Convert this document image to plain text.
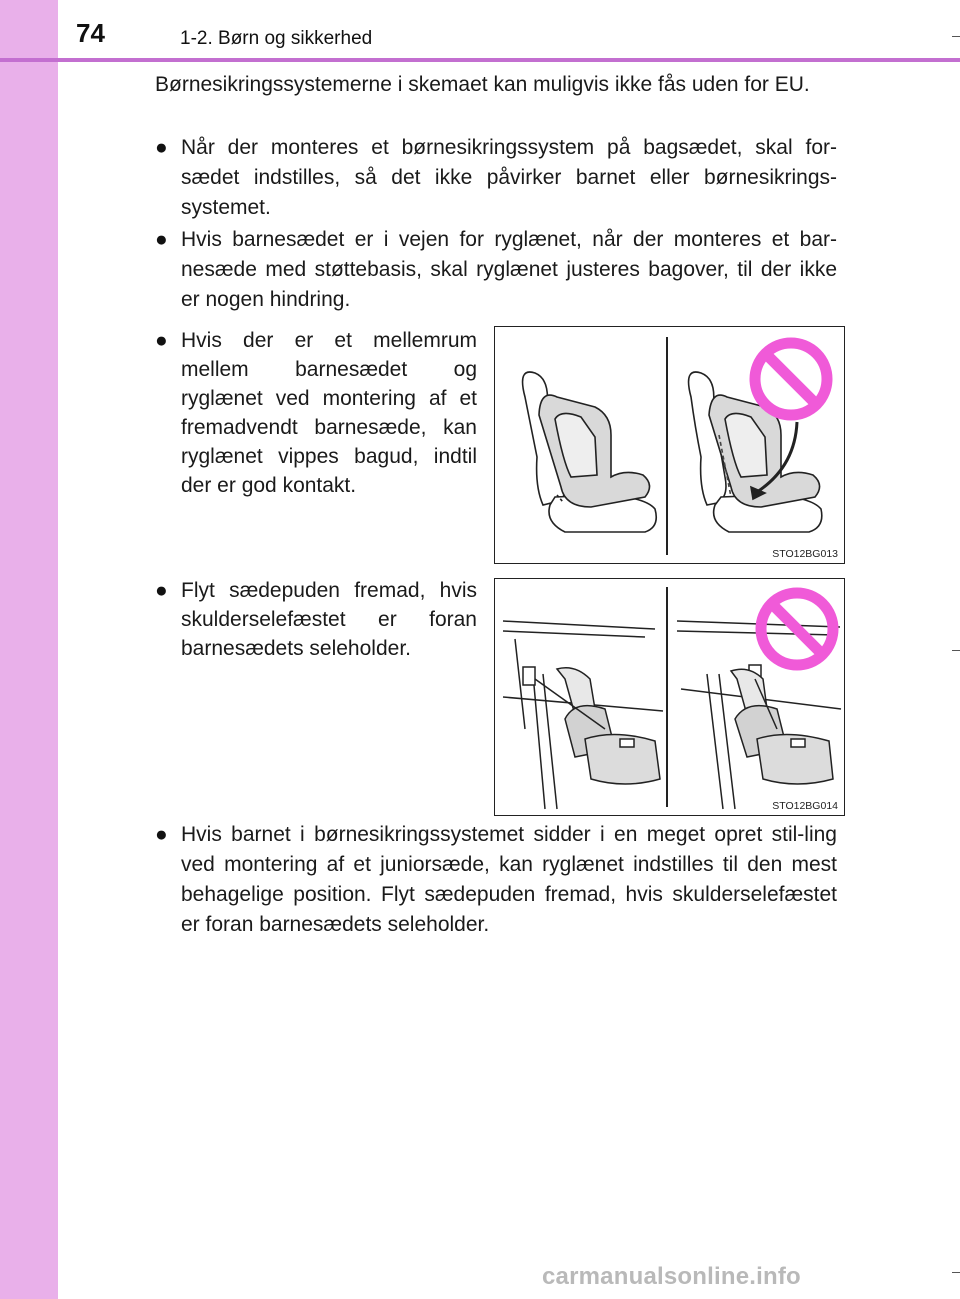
74	1-2. Børn og sikkerhed

Børnesikringssystemerne i skemaet kan muligvis ikke fås uden for EU.

● Når der monteres et børnesikringssystem på bagsædet, skal for-sædet indstilles, så det ikke påvirker barnet eller børnesikrings-systemet.

● Hvis barnesædet er i vejen for ryglænet, når der monteres et bar-nesæde med støttebasis, skal ryglænet justeres bagover, til der ikke er nogen hindring.

● Hvis der er et mellemrum mellem barnesædet og ryglænet ved montering af et fremadvendt barnesæde, kan ryglænet vippes bagud, indtil der er god kontakt.

● Flyt sædepuden fremad, hvis skulderselefæstet er foran barnesædets seleholder.

● Hvis barnet i børnesikringssystemet sidder i en meget opret stil-ling ved montering af et juniorsæde, kan ryglænet indstilles til den mest behagelige position. Flyt sædepuden fremad, hvis skulderselefæstet er foran barnesædets seleholder.

STO12BG013
STO12BG014
carmanualsonline.info
